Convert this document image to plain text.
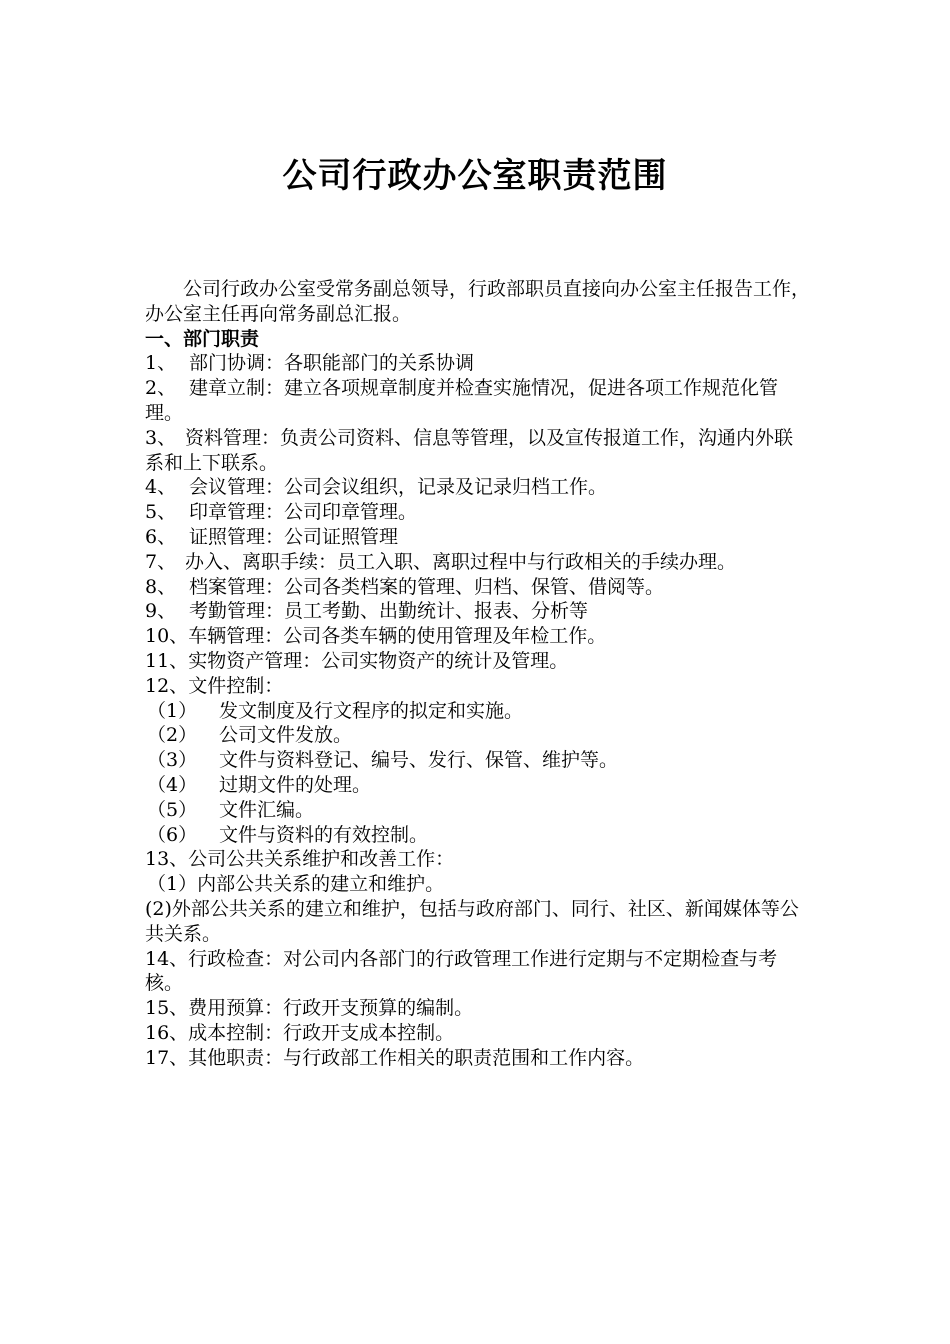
公司行政办公室职责范围

公司行政办公室受常务副总领导，行政部职员直接向办公室主任报告工作，办公室主任再向常务副总汇报。

一、部门职责

1、 部门协调：各职能部门的关系协调

2、 建章立制：建立各项规章制度并检查实施情况，促进各项工作规范化管理。

3、 资料管理：负责公司资料、信息等管理，以及宣传报道工作，沟通内外联系和上下联系。

4、 会议管理：公司会议组织，记录及记录归档工作。

5、 印章管理：公司印章管理。

6、 证照管理：公司证照管理

7、 办入、离职手续：员工入职、离职过程中与行政相关的手续办理。

8、 档案管理：公司各类档案的管理、归档、保管、借阅等。

9、 考勤管理：员工考勤、出勤统计、报表、分析等

10、车辆管理：公司各类车辆的使用管理及年检工作。

11、实物资产管理：公司实物资产的统计及管理。

12、文件控制：

（1） 发文制度及行文程序的拟定和实施。

（2） 公司文件发放。

（3） 文件与资料登记、编号、发行、保管、维护等。

（4） 过期文件的处理。

（5） 文件汇编。

（6） 文件与资料的有效控制。

13、公司公共关系维护和改善工作：

（1）内部公共关系的建立和维护。

(2)外部公共关系的建立和维护，包括与政府部门、同行、社区、新闻媒体等公共关系。

14、行政检查：对公司内各部门的行政管理工作进行定期与不定期检查与考核。

15、费用预算：行政开支预算的编制。

16、成本控制：行政开支成本控制。

17、其他职责：与行政部工作相关的职责范围和工作内容。
